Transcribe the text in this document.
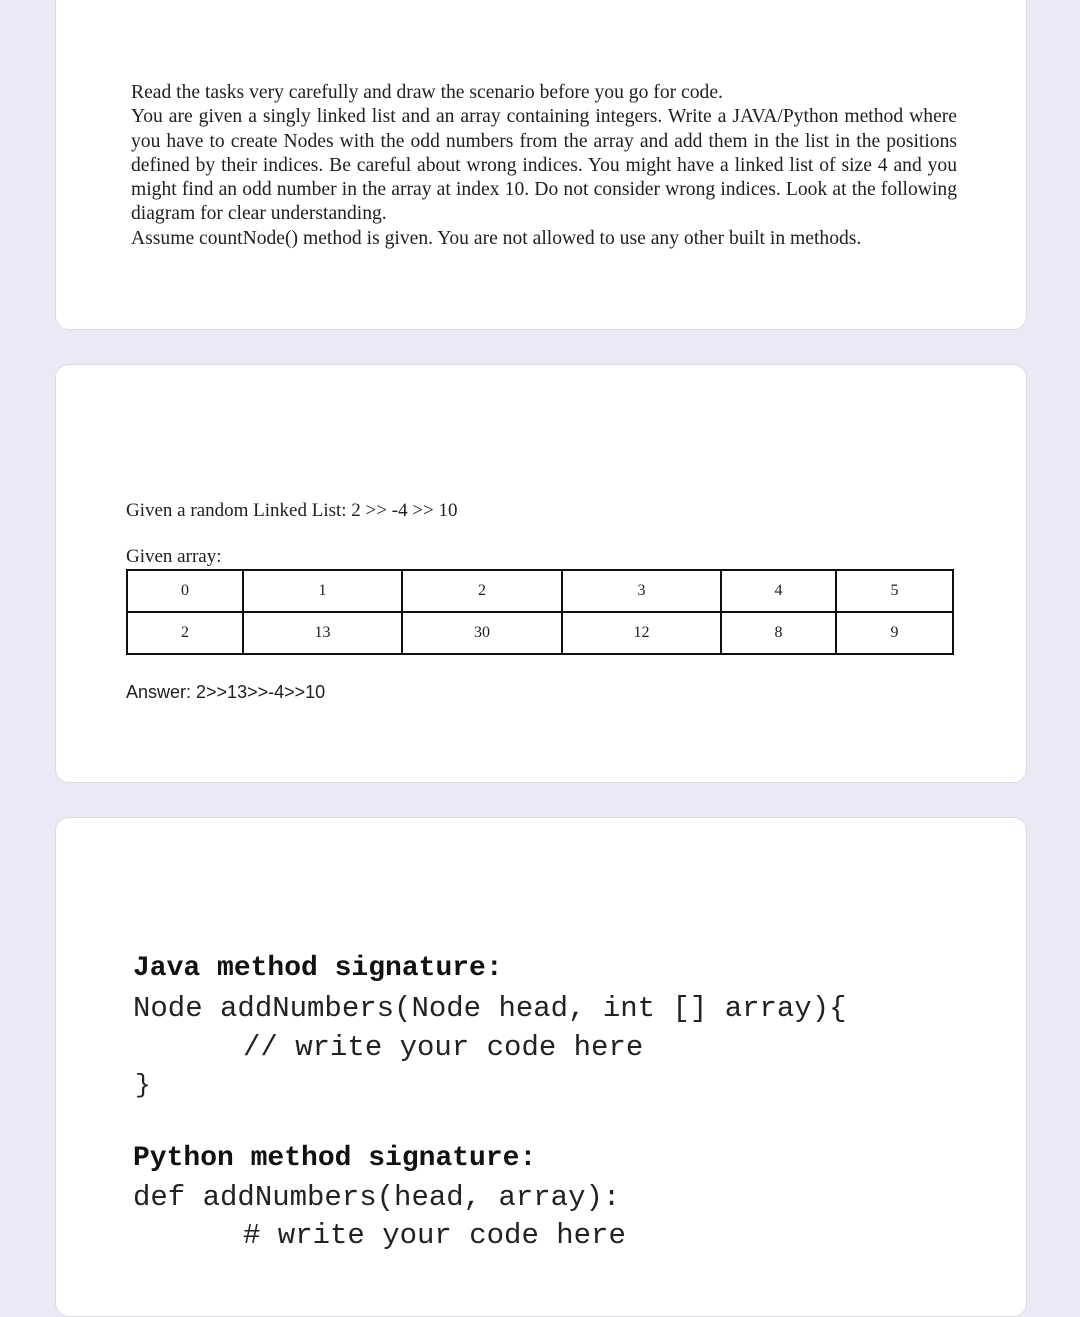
Read the tasks very carefully and draw the scenario before you go for code.

You are given a singly linked list and an array containing integers. Write a JAVA/Python method where you have to create Nodes with the odd numbers from the array and add them in the list in the positions defined by their indices. Be careful about wrong indices. You might have a linked list of size 4 and you might find an odd number in the array at index 10. Do not consider wrong indices. Look at the following diagram for clear understanding.

Assume countNode() method is given. You are not allowed to use any other built in methods.

Given a random Linked List: 2 >> -4 >> 10
Given array:
0	1	2	3	4	5
2	13	30	12	8	9
Answer: 2>>13>>-4>>10
Java method signature:
Node addNumbers(Node head, int [] array){
// write your code here
}
Python method signature:
def addNumbers(head, array):
# write your code here
